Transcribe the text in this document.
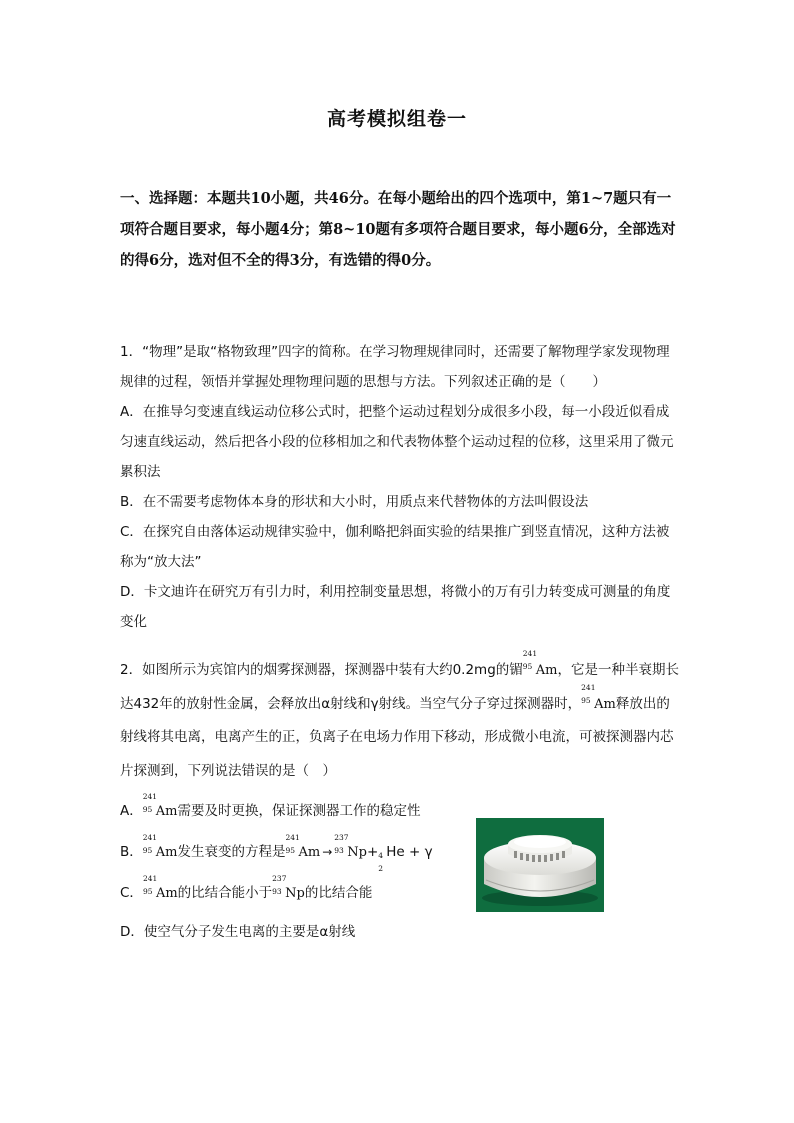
高考模拟组卷一
一、选择题：本题共10小题，共46分。在每小题给出的四个选项中，第1~7题只有一项符合题目要求，每小题4分；第8~10题有多项符合题目要求，每小题6分，全部选对的得6分，选对但不全的得3分，有选错的得0分。

1．“物理”是取“格物致理”四字的简称。在学习物理规律同时，还需要了解物理学家发现物理规律的过程，领悟并掌握处理物理问题的思想与方法。下列叙述正确的是（　　）

A．在推导匀变速直线运动位移公式时，把整个运动过程划分成很多小段，每一小段近似看成匀速直线运动，然后把各小段的位移相加之和代表物体整个运动过程的位移，这里采用了微元累积法

B．在不需要考虑物体本身的形状和大小时，用质点来代替物体的方法叫假设法

C．在探究自由落体运动规律实验中，伽利略把斜面实验的结果推广到竖直情况，这种方法被称为“放大法”

D．卡文迪许在研究万有引力时，利用控制变量思想，将微小的万有引力转变成可测量的角度变化

2．如图所示为宾馆内的烟雾探测器，探测器中装有大约0.2mg的镅
241
95 Am，它是一种半衰期长达432年的放射性金属，会释放出α射线和γ射线。当空气分子穿过探测器时，
241
95 Am释放出的射线将其电离，电离产生的正，负离子在电场力作用下移动，形成微小电流，可被探测器内芯片探测到，下列说法错误的是（　）

A．
241
95 Am需要及时更换，保证探测器工作的稳定性

B．
241
95 Am发生衰变的方程是
241
95 Am →
237
93 Np+ 4
2
He + γ

C．
241
95 Am的比结合能小于
237
93 Np的比结合能

D．使空气分子发生电离的主要是α射线
